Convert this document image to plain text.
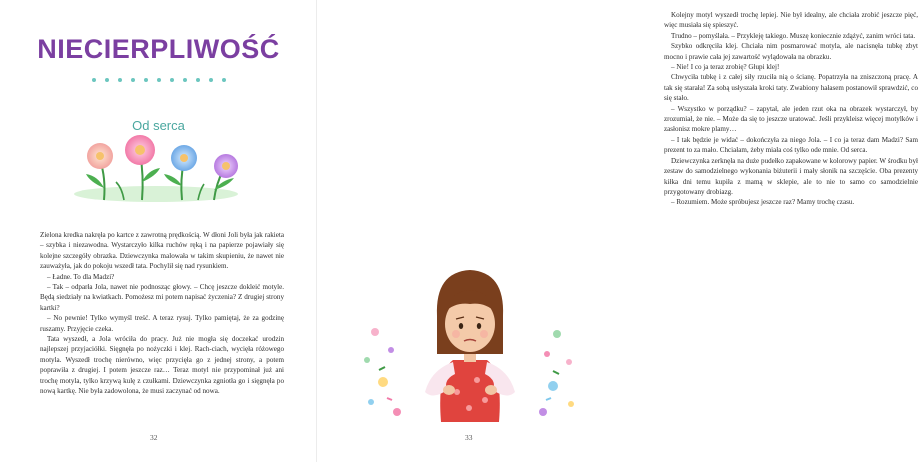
NIECIERPLIWOŚĆ
Od serca

Zielona kredka nakręła po kartce z zawrotną prędkością. W dłoni Joli była jak rakieta – szybka i niezawodna. Wystarczyło kilka ruchów ręką i na papierze pojawiały się kolejne szczegóły obrazka. Dziewczynka malowała w takim skupieniu, że nawet nie zauważyła, jak do pokoju wszedł tata. Pochylił się nad rysunkiem.

– Ładne. To dla Madzi?

– Tak – odparła Jola, nawet nie podnosząc głowy. – Chcę jeszcze dokleić motyle. Będą siedziały na kwiatkach. Pomożesz mi potem napisać życzenia? Z drugiej strony kartki?

– No pewnie! Tylko wymyśl treść. A teraz rysuj. Tylko pamiętaj, że za godzinę ruszamy. Przyjęcie czeka.

Tata wyszedł, a Jola wróciła do pracy. Już nie mogła się doczekać urodzin najlepszej przyjaciółki. Sięgnęła po nożyczki i klej. Rach-ciach, wycięła różowego motyla. Wyszedł trochę nierówno, więc przycięła go z jednej strony, a potem poprawiła z drugiej. I potem jeszcze raz… Teraz motyl nie przypominał już ani trochę motyla, tylko krzywą kulę z czułkami. Dziewczynka zgniotła go i sięgnęła po nową kartkę. Nie była zadowolona, że musi zaczynać od nowa.

32

Kolejny motyl wyszedł trochę lepiej. Nie był idealny, ale chciała zrobić jeszcze pięć, więc musiała się spieszyć.

Trudno – pomyślała. – Przykleję takiego. Muszę koniecznie zdążyć, zanim wróci tata.

Szybko odkręciła klej. Chciała nim posmarować motyla, ale nacisnęła tubkę zbyt mocno i prawie cała jej zawartość wylądowała na obrazku.

– Nie! I co ja teraz zrobię? Głupi klej!

Chwyciła tubkę i z całej siły rzuciła nią o ścianę. Popatrzyła na zniszczoną pracę. A tak się starała! Za sobą usłyszała kroki taty. Zwabiony hałasem postanowił sprawdzić, co się stało.

– Wszystko w porządku? – zapytał, ale jeden rzut oka na obrazek wystarczył, by zrozumiał, że nie. – Może da się to jeszcze uratować. Jeśli przykleisz więcej motylków i zasłonisz mokre plamy…

– I tak będzie je widać – dokończyła za niego Jola. – I co ja teraz dam Madzi? Sam prezent to za mało. Chciałam, żeby miała coś tylko ode mnie. Od serca.

Dziewczynka zerknęła na duże pudełko zapakowane w kolorowy papier. W środku był zestaw do samodzielnego wykonania biżuterii i mały słonik na szczęście. Oba prezenty kiłka dni temu kupiła z mamą w sklepie, ale to nie to samo co samodzielnie przygotowany drobiazg.

– Rozumiem. Może spróbujesz jeszcze raz? Mamy trochę czasu.

33
